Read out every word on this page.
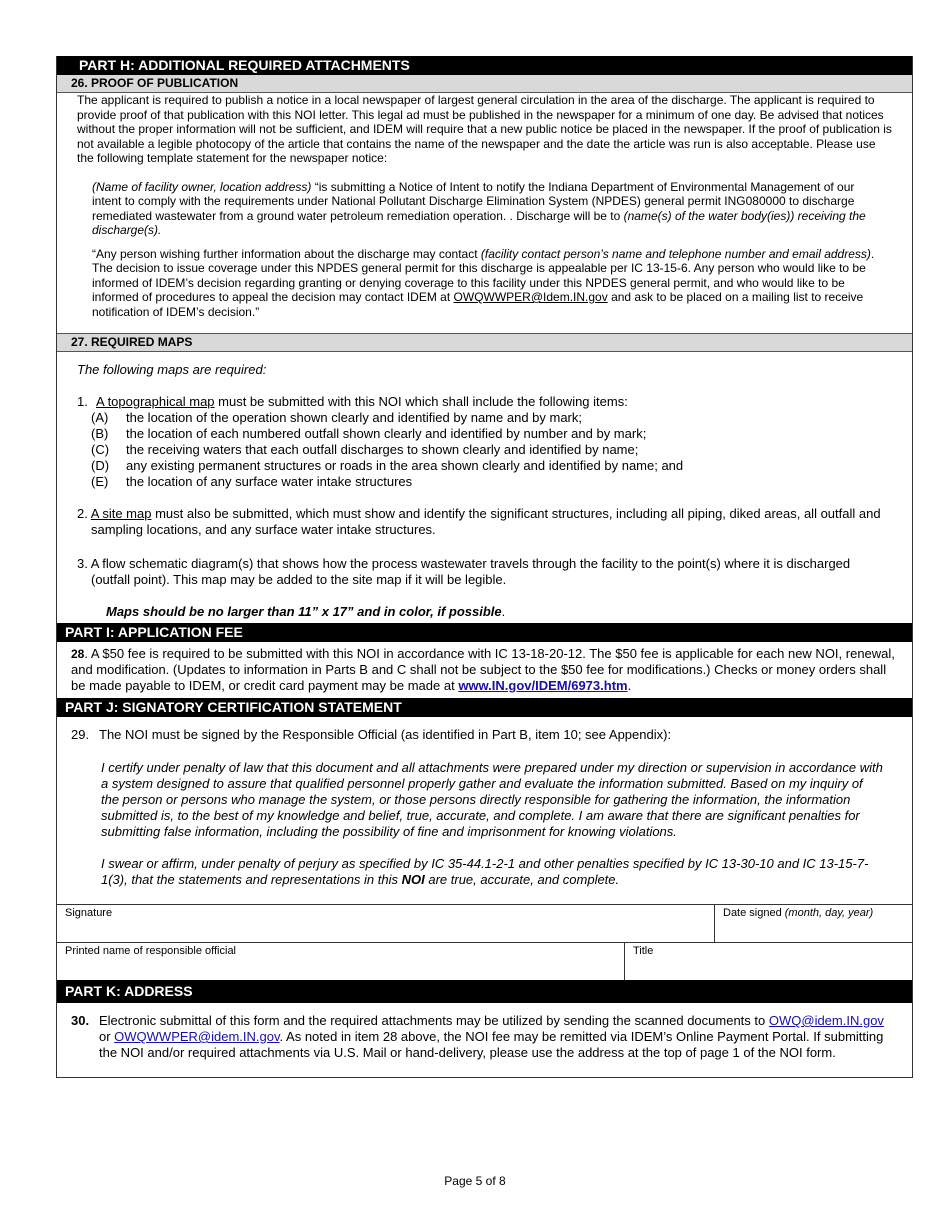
PART H: ADDITIONAL REQUIRED ATTACHMENTS
26. PROOF OF PUBLICATION

The applicant is required to publish a notice in a local newspaper of largest general circulation in the area of the discharge. The applicant is required to provide proof of that publication with this NOI letter. This legal ad must be published in the newspaper for a minimum of one day. Be advised that notices without the proper information will not be sufficient, and IDEM will require that a new public notice be placed in the newspaper. If the proof of publication is not available a legible photocopy of the article that contains the name of the newspaper and the date the article was run is also acceptable. Please use the following template statement for the newspaper notice:

(Name of facility owner, location address) “is submitting a Notice of Intent to notify the Indiana Department of Environmental Management of our intent to comply with the requirements under National Pollutant Discharge Elimination System (NPDES) general permit ING080000 to discharge remediated wastewater from a ground water petroleum remediation operation. . Discharge will be to (name(s) of the water body(ies)) receiving the discharge(s).

“Any person wishing further information about the discharge may contact (facility contact person’s name and telephone number and email address). The decision to issue coverage under this NPDES general permit for this discharge is appealable per IC 13-15-6. Any person who would like to be informed of IDEM’s decision regarding granting or denying coverage to this facility under this NPDES general permit, and who would like to be informed of procedures to appeal the decision may contact IDEM at OWQWWPER@Idem.IN.gov and ask to be placed on a mailing list to receive notification of IDEM’s decision.”

27. REQUIRED MAPS

The following maps are required:

1. A topographical map must be submitted with this NOI which shall include the following items:
(A)	the location of the operation shown clearly and identified by name and by mark;
(B)	the location of each numbered outfall shown clearly and identified by number and by mark;
(C)	the receiving waters that each outfall discharges to shown clearly and identified by name;
(D)	any existing permanent structures or roads in the area shown clearly and identified by name; and
(E)	the location of any surface water intake structures

2. A site map must also be submitted, which must show and identify the significant structures, including all piping, diked areas, all outfall and sampling locations, and any surface water intake structures.

3. A flow schematic diagram(s) that shows how the process wastewater travels through the facility to the point(s) where it is discharged (outfall point). This map may be added to the site map if it will be legible.

Maps should be no larger than 11” x 17” and in color, if possible.

PART I: APPLICATION FEE

28. A $50 fee is required to be submitted with this NOI in accordance with IC 13-18-20-12. The $50 fee is applicable for each new NOI, renewal, and modification. (Updates to information in Parts B and C shall not be subject to the $50 fee for modifications.) Checks or money orders shall be made payable to IDEM, or credit card payment may be made at www.IN.gov/IDEM/6973.htm.

PART J: SIGNATORY CERTIFICATION STATEMENT
29. The NOI must be signed by the Responsible Official (as identified in Part B, item 10; see Appendix):

I certify under penalty of law that this document and all attachments were prepared under my direction or supervision in accordance with a system designed to assure that qualified personnel properly gather and evaluate the information submitted. Based on my inquiry of the person or persons who manage the system, or those persons directly responsible for gathering the information, the information submitted is, to the best of my knowledge and belief, true, accurate, and complete. I am aware that there are significant penalties for submitting false information, including the possibility of fine and imprisonment for knowing violations.

I swear or affirm, under penalty of perjury as specified by IC 35-44.1-2-1 and other penalties specified by IC 13-30-10 and IC 13-15-7-1(3), that the statements and representations in this NOI are true, accurate, and complete.

Signature	Date signed (month, day, year)
Printed name of responsible official	Title
PART K: ADDRESS
30. Electronic submittal of this form and the required attachments may be utilized by sending the scanned documents to OWQ@idem.IN.gov or OWQWWPER@idem.IN.gov. As noted in item 28 above, the NOI fee may be remitted via IDEM’s Online Payment Portal. If submitting the NOI and/or required attachments via U.S. Mail or hand-delivery, please use the address at the top of page 1 of the NOI form.

Page 5 of 8
